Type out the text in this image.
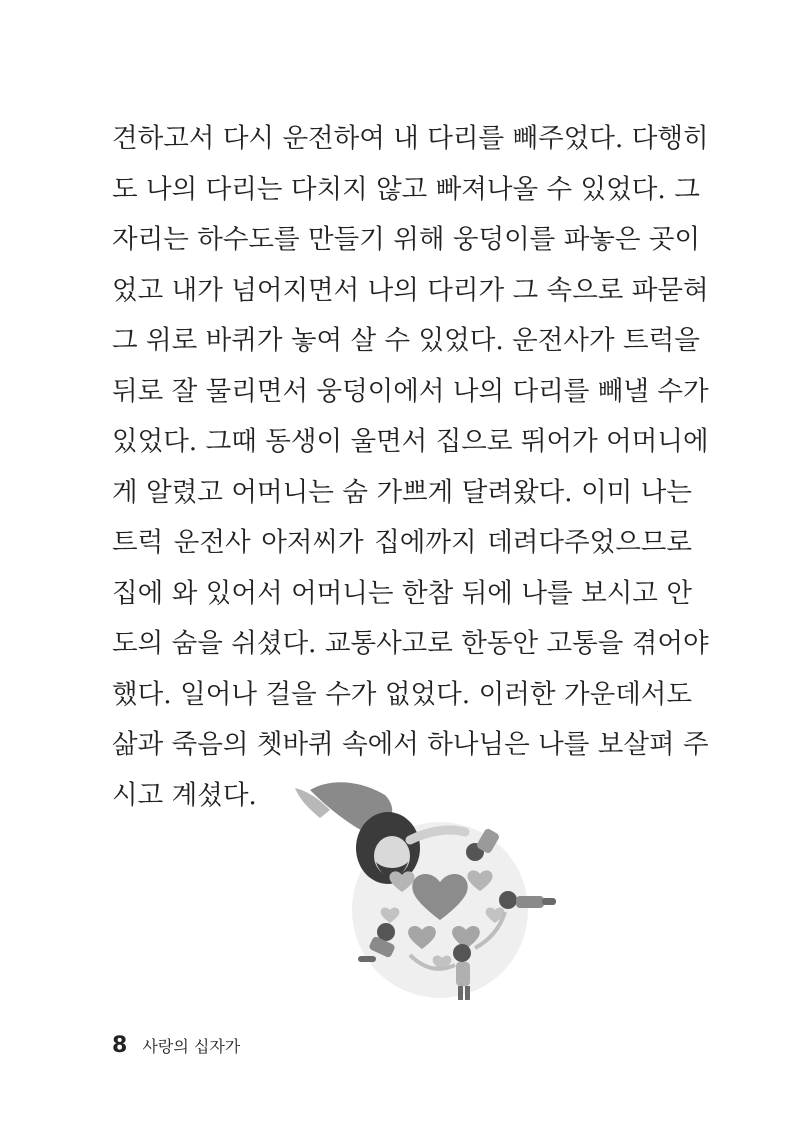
견하고서 다시 운전하여 내 다리를 빼주었다. 다행히
도 나의 다리는 다치지 않고 빠져나올 수 있었다. 그
자리는 하수도를 만들기 위해 웅덩이를 파놓은 곳이
었고 내가 넘어지면서 나의 다리가 그 속으로 파묻혀
그 위로 바퀴가 놓여 살 수 있었다. 운전사가 트럭을
뒤로 잘 물리면서 웅덩이에서 나의 다리를 빼낼 수가
있었다. 그때 동생이 울면서 집으로 뛰어가 어머니에
게 알렸고 어머니는 숨 가쁘게 달려왔다. 이미 나는
트럭 운전사 아저씨가 집에까지 데려다주었으므로
집에 와 있어서 어머니는 한참 뒤에 나를 보시고 안
도의 숨을 쉬셨다. 교통사고로 한동안 고통을 겪어야
했다. 일어나 걸을 수가 없었다. 이러한 가운데서도
삶과 죽음의 쳇바퀴 속에서 하나님은 나를 보살펴 주
시고 계셨다.
8 사랑의 십자가
